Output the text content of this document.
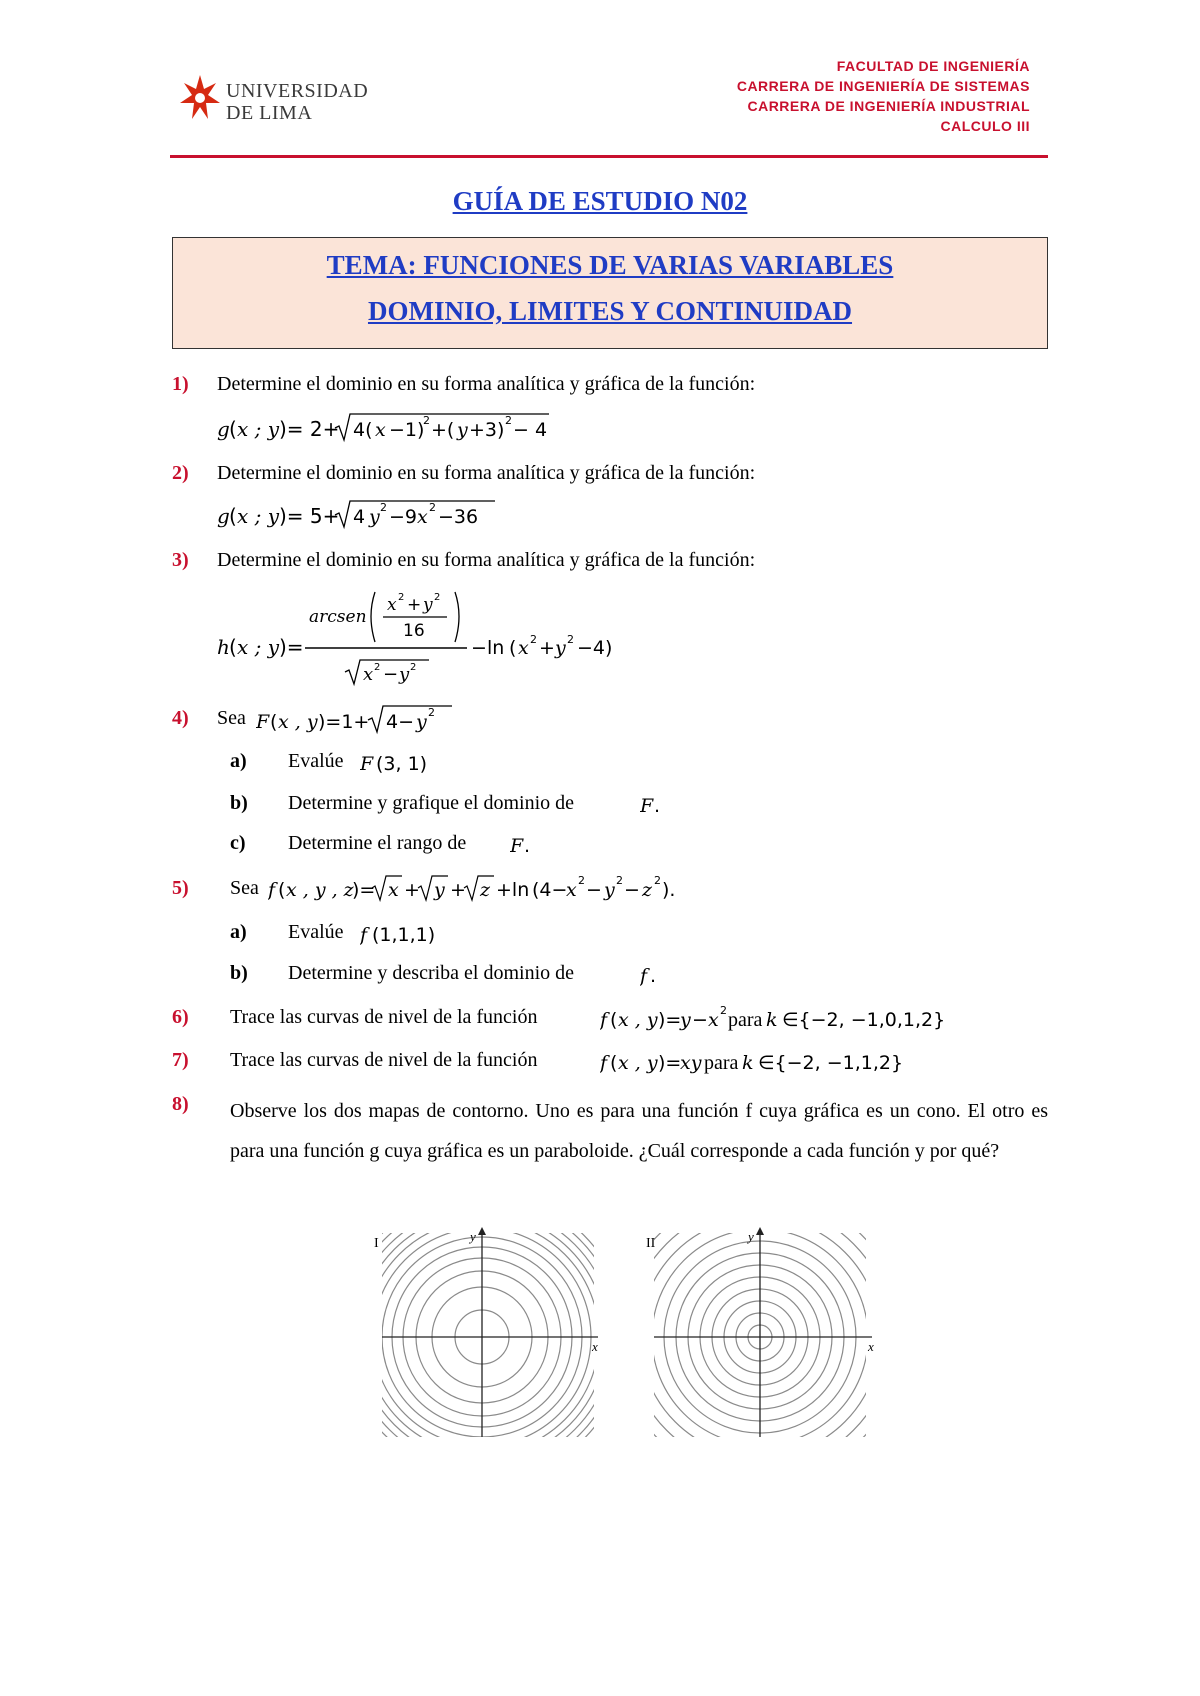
UNIVERSIDAD
DE LIMA
FACULTAD DE INGENIERÍA
CARRERA DE INGENIERÍA DE SISTEMAS
CARRERA DE INGENIERÍA INDUSTRIAL
CALCULO III
GUÍA DE ESTUDIO N02
TEMA: FUNCIONES DE VARIAS VARIABLES
DOMINIO, LIMITES Y CONTINUIDAD
1) Determine el dominio en su forma analítica y gráfica de la función:
g ( x ; y )= 2+ 4( x −1)
2 +( y +3) 2 − 4
2) Determine el dominio en su forma analítica y gráfica de la función:
g ( x ; y )= 5+ 4 y 2 −9 x 2 −36
3) Determine el dominio en su forma analítica y gráfica de la función:
arcsen
x 2 + y 2
16
h ( x ; y )=
x 2 − y 2
− ln ( x 2 + y 2 −4)
4) Sea F ( x , y )=1+ 4− y 2
a) Evalúe F (3, 1)
b) Determine y grafique el dominio de	F .
c) Determine el rango de F .
5) Sea f ( x , y , z
)= x + y + z +ln (4−
x 2 − y 2 − z 2 ).
a) Evalúe f (1,1,1)
b) Determine y describa el dominio de	f .
6) Trace las curvas de nivel de la función	f ( x , y )=
y − x 2 para k ∈{−2, −1,0,1,2}
7) Trace las curvas de nivel de la función	f ( x , y )=
xy para k ∈{−2, −1,1,2}
8) Observe los dos mapas de contorno. Uno es para una función f cuya gráfica es un cono. El otro es para una función g cuya gráfica es un paraboloide. ¿Cuál corresponde a cada función y por qué?
I	y
x
II	y
x
